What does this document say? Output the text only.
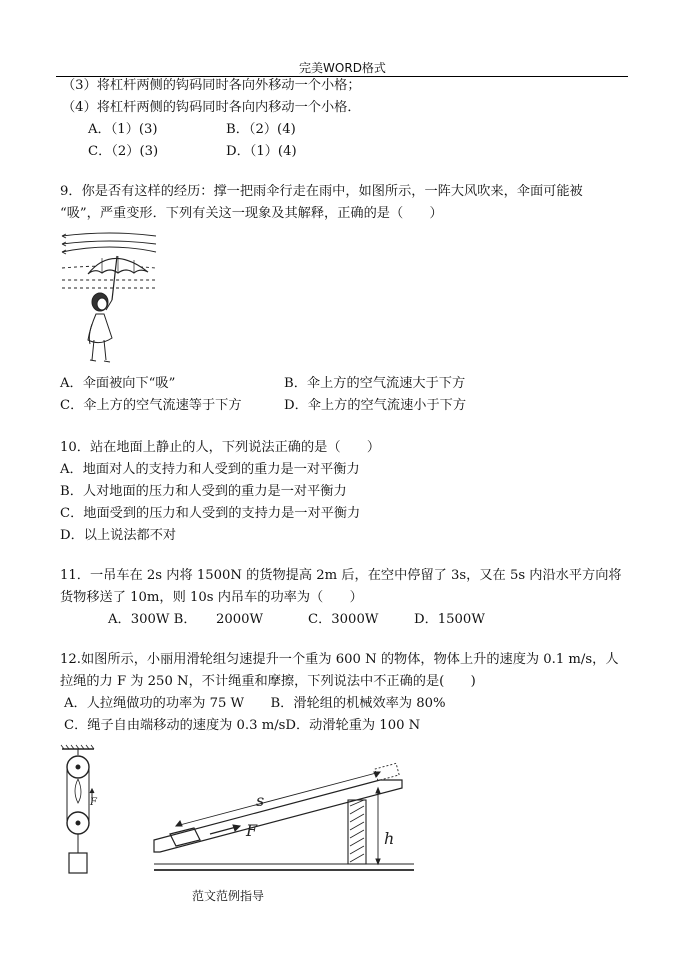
完美WORD格式
（3）将杠杆两侧的钩码同时各向外移动一个小格；
（4）将杠杆两侧的钩码同时各向内移动一个小格．
A．（1）(3)	B．（2）(4)
C．（2）(3)	D．（1）(4)
9．你是否有这样的经历：撑一把雨伞行走在雨中，如图所示，一阵大风吹来，伞面可能被
“吸”，严重变形．下列有关这一现象及其解释，正确的是（　　）
A．伞面被向下“吸”	B．伞上方的空气流速大于下方
C．伞上方的空气流速等于下方	D．伞上方的空气流速小于下方
10．站在地面上静止的人，下列说法正确的是（　　）
A．地面对人的支持力和人受到的重力是一对平衡力
B．人对地面的压力和人受到的重力是一对平衡力
C．地面受到的压力和人受到的支持力是一对平衡力
D．以上说法都不对
11．一吊车在 2s 内将 1500N 的货物提高 2m 后，在空中停留了 3s，又在 5s 内沿水平方向将
货物移送了 10m，则 10s 内吊车的功率为（　　）
A．300W B． 2000W	C．3000W	D．1500W
12.如图所示，小丽用滑轮组匀速提升一个重为 600 N 的物体，物体上升的速度为 0.1 m/s，人
拉绳的力 F 为 250 N，不计绳重和摩擦，下列说法中不正确的是(　　)
A．人拉绳做功的功率为 75 W　　B．滑轮组的机械效率为 80%
C．绳子自由端移动的速度为 0.3 m/sD．动滑轮重为 100 N
F	s
F	h
范文范例指导
